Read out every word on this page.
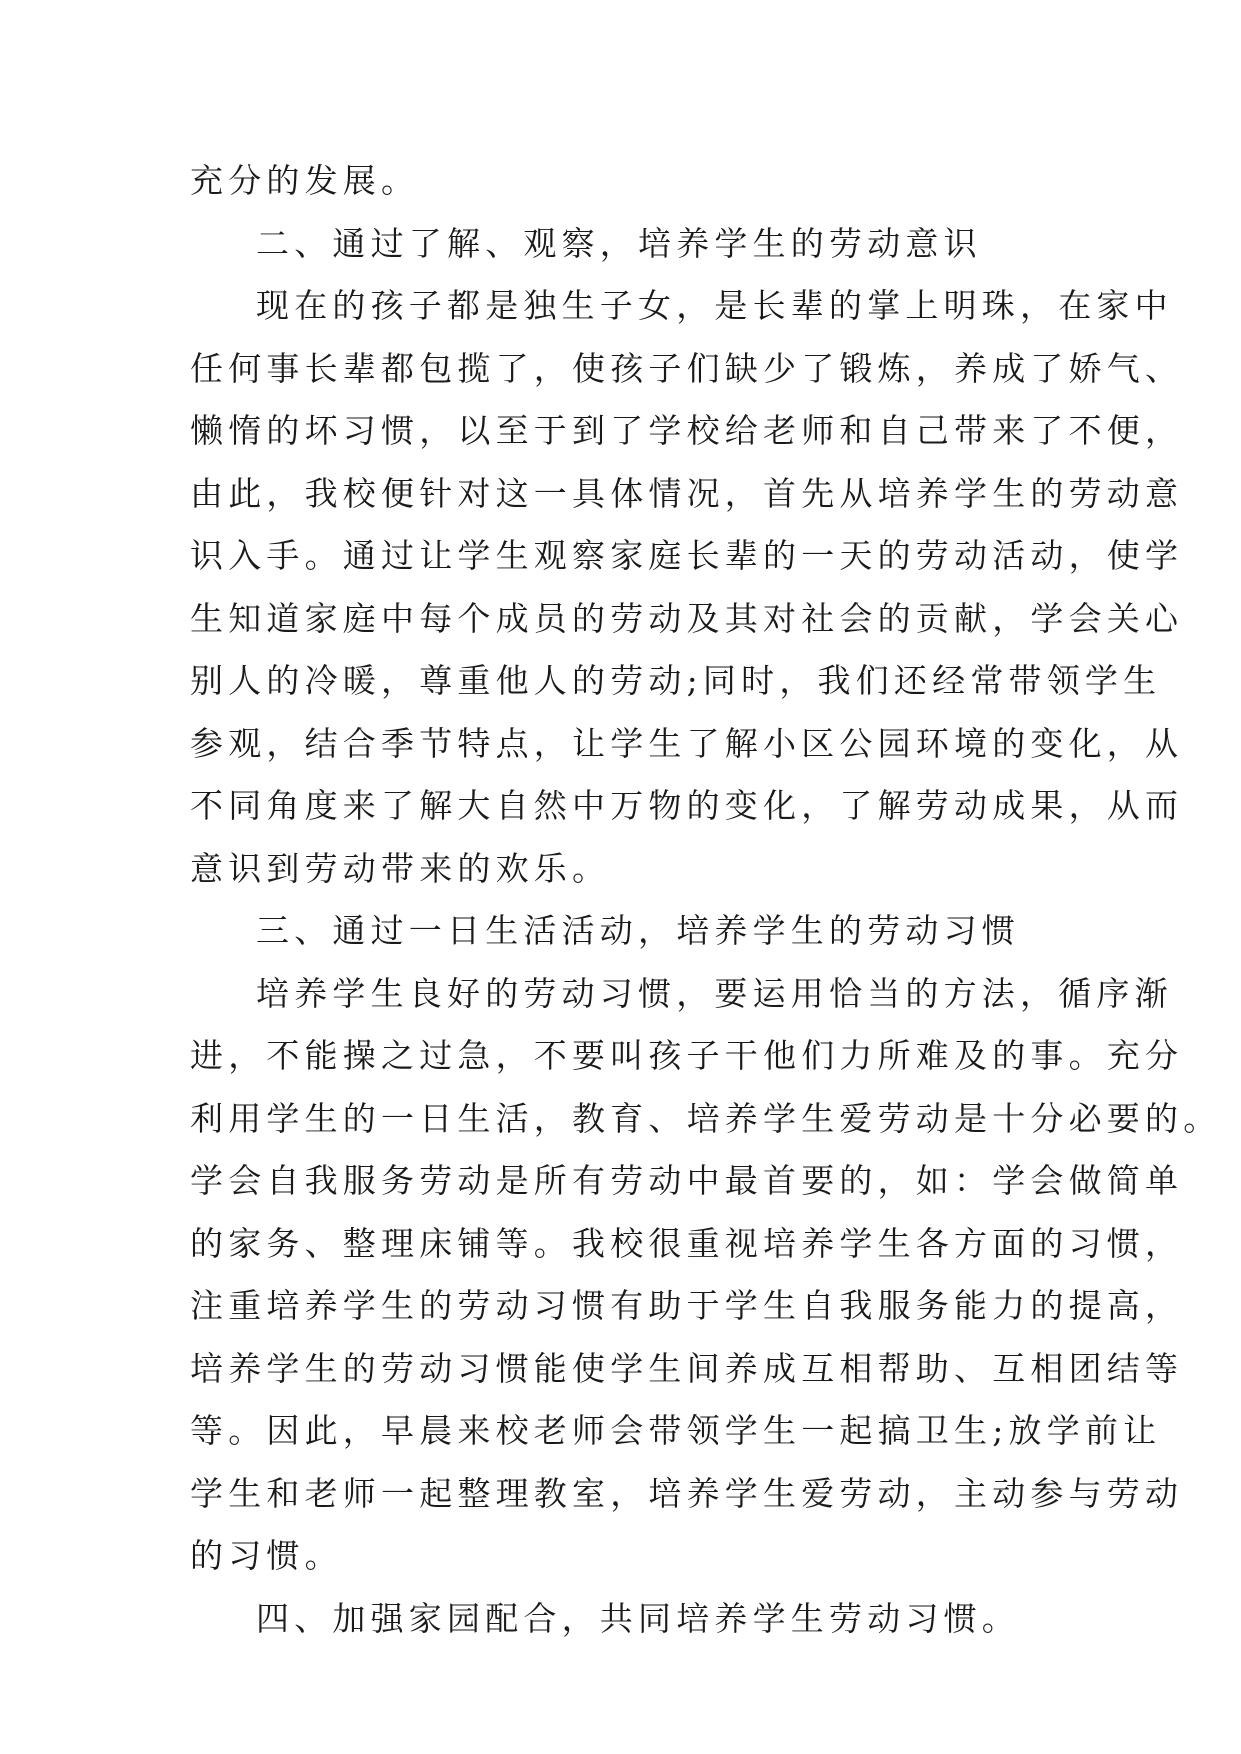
充分的发展。
二、通过了解、观察，培养学生的劳动意识
现在的孩子都是独生子女，是长辈的掌上明珠，在家中
任何事长辈都包揽了，使孩子们缺少了锻炼，养成了娇气、
懒惰的坏习惯，以至于到了学校给老师和自己带来了不便，
由此，我校便针对这一具体情况，首先从培养学生的劳动意
识入手。通过让学生观察家庭长辈的一天的劳动活动，使学
生知道家庭中每个成员的劳动及其对社会的贡献，学会关心
别人的冷暖，尊重他人的劳动;同时，我们还经常带领学生
参观，结合季节特点，让学生了解小区公园环境的变化，从
不同角度来了解大自然中万物的变化，了解劳动成果，从而
意识到劳动带来的欢乐。
三、通过一日生活活动，培养学生的劳动习惯
培养学生良好的劳动习惯，要运用恰当的方法，循序渐
进，不能操之过急，不要叫孩子干他们力所难及的事。充分
利用学生的一日生活，教育、培养学生爱劳动是十分必要的。
学会自我服务劳动是所有劳动中最首要的，如：学会做简单
的家务、整理床铺等。我校很重视培养学生各方面的习惯，
注重培养学生的劳动习惯有助于学生自我服务能力的提高，
培养学生的劳动习惯能使学生间养成互相帮助、互相团结等
等。因此，早晨来校老师会带领学生一起搞卫生;放学前让
学生和老师一起整理教室，培养学生爱劳动，主动参与劳动
的习惯。
四、加强家园配合，共同培养学生劳动习惯。
